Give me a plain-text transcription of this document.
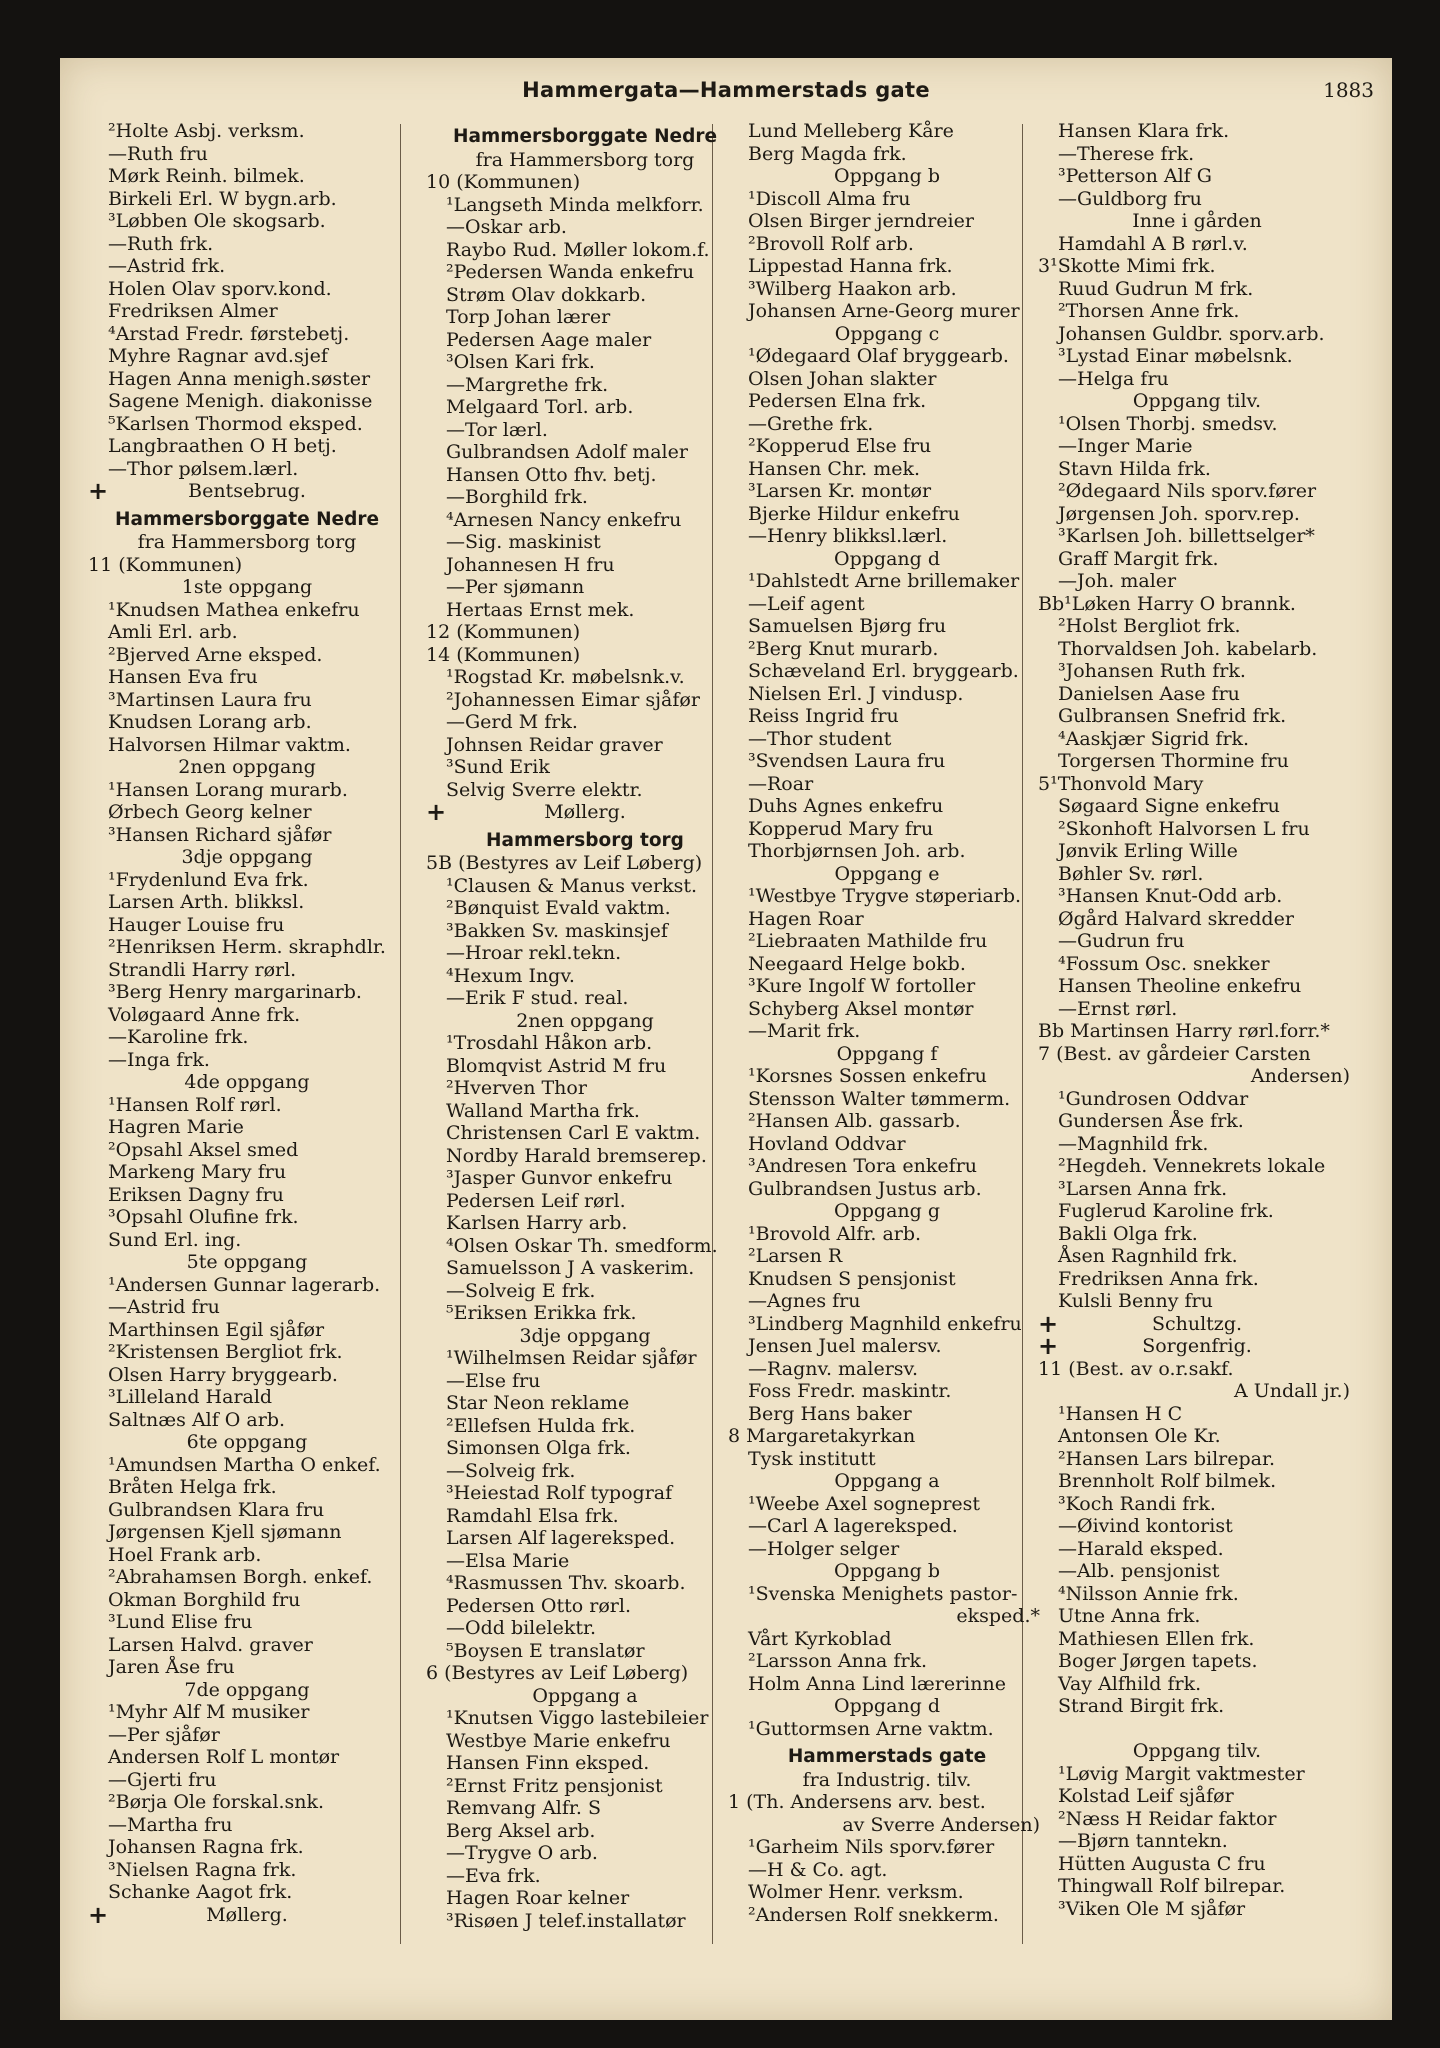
Hammergata—Hammerstads gate	1883
²Holte Asbj. verksm.
—Ruth fru
Mørk Reinh. bilmek.
Birkeli Erl. W bygn.arb.
³Løbben Ole skogsarb.
—Ruth frk.
—Astrid frk.
Holen Olav sporv.kond.
Fredriksen Almer
⁴Arstad Fredr. førstebetj.
Myhre Ragnar avd.sjef
Hagen Anna menigh.søster
Sagene Menigh. diakonisse
⁵Karlsen Thormod eksped.
Langbraathen O H betj.
—Thor pølsem.lærl.
+	Bentsebrug.
Hammersborggate Nedre
fra Hammersborg torg
11 (Kommunen)
1ste oppgang
¹Knudsen Mathea enkefru
Amli Erl. arb.
²Bjerved Arne eksped.
Hansen Eva fru
³Martinsen Laura fru
Knudsen Lorang arb.
Halvorsen Hilmar vaktm.
2nen oppgang
¹Hansen Lorang murarb.
Ørbech Georg kelner
³Hansen Richard sjåfør
3dje oppgang
¹Frydenlund Eva frk.
Larsen Arth. blikksl.
Hauger Louise fru
²Henriksen Herm. skraphdlr.
Strandli Harry rørl.
³Berg Henry margarinarb.
Voløgaard Anne frk.
—Karoline frk.
—Inga frk.
4de oppgang
¹Hansen Rolf rørl.
Hagren Marie
²Opsahl Aksel smed
Markeng Mary fru
Eriksen Dagny fru
³Opsahl Olufine frk.
Sund Erl. ing.
5te oppgang
¹Andersen Gunnar lagerarb.
—Astrid fru
Marthinsen Egil sjåfør
²Kristensen Bergliot frk.
Olsen Harry bryggearb.
³Lilleland Harald
Saltnæs Alf O arb.
6te oppgang
¹Amundsen Martha O enkef.
Bråten Helga frk.
Gulbrandsen Klara fru
Jørgensen Kjell sjømann
Hoel Frank arb.
²Abrahamsen Borgh. enkef.
Okman Borghild fru
³Lund Elise fru
Larsen Halvd. graver
Jaren Åse fru
7de oppgang
¹Myhr Alf M musiker
—Per sjåfør
Andersen Rolf L montør
—Gjerti fru
²Børja Ole forskal.snk.
—Martha fru
Johansen Ragna frk.
³Nielsen Ragna frk.
Schanke Aagot frk.
+	Møllerg.
Hammersborggate Nedre
fra Hammersborg torg
10 (Kommunen)
¹Langseth Minda melkforr.
—Oskar arb.
Raybo Rud. Møller lokom.f.
²Pedersen Wanda enkefru
Strøm Olav dokkarb.
Torp Johan lærer
Pedersen Aage maler
³Olsen Kari frk.
—Margrethe frk.
Melgaard Torl. arb.
—Tor lærl.
Gulbrandsen Adolf maler
Hansen Otto fhv. betj.
—Borghild frk.
⁴Arnesen Nancy enkefru
—Sig. maskinist
Johannesen H fru
—Per sjømann
Hertaas Ernst mek.
12 (Kommunen)
14 (Kommunen)
¹Rogstad Kr. møbelsnk.v.
²Johannessen Eimar sjåfør
—Gerd M frk.
Johnsen Reidar graver
³Sund Erik
Selvig Sverre elektr.
+	Møllerg.
Hammersborg torg
5B (Bestyres av Leif Løberg)
¹Clausen & Manus verkst.
²Bønquist Evald vaktm.
³Bakken Sv. maskinsjef
—Hroar rekl.tekn.
⁴Hexum Ingv.
—Erik F stud. real.
2nen oppgang
¹Trosdahl Håkon arb.
Blomqvist Astrid M fru
²Hverven Thor
Walland Martha frk.
Christensen Carl E vaktm.
Nordby Harald bremserep.
³Jasper Gunvor enkefru
Pedersen Leif rørl.
Karlsen Harry arb.
⁴Olsen Oskar Th. smedform.
Samuelsson J A vaskerim.
—Solveig E frk.
⁵Eriksen Erikka frk.
3dje oppgang
¹Wilhelmsen Reidar sjåfør
—Else fru
Star Neon reklame
²Ellefsen Hulda frk.
Simonsen Olga frk.
—Solveig frk.
³Heiestad Rolf typograf
Ramdahl Elsa frk.
Larsen Alf lagereksped.
—Elsa Marie
⁴Rasmussen Thv. skoarb.
Pedersen Otto rørl.
—Odd bilelektr.
⁵Boysen E translatør
6 (Bestyres av Leif Løberg)
Oppgang a
¹Knutsen Viggo lastebileier
Westbye Marie enkefru
Hansen Finn eksped.
²Ernst Fritz pensjonist
Remvang Alfr. S
Berg Aksel arb.
—Trygve O arb.
—Eva frk.
Hagen Roar kelner
³Risøen J telef.installatør
Lund Melleberg Kåre
Berg Magda frk.
Oppgang b
¹Discoll Alma fru
Olsen Birger jerndreier
²Brovoll Rolf arb.
Lippestad Hanna frk.
³Wilberg Haakon arb.
Johansen Arne-Georg murer
Oppgang c
¹Ødegaard Olaf bryggearb.
Olsen Johan slakter
Pedersen Elna frk.
—Grethe frk.
²Kopperud Else fru
Hansen Chr. mek.
³Larsen Kr. montør
Bjerke Hildur enkefru
—Henry blikksl.lærl.
Oppgang d
¹Dahlstedt Arne brillemaker
—Leif agent
Samuelsen Bjørg fru
²Berg Knut murarb.
Schæveland Erl. bryggearb.
Nielsen Erl. J vindusp.
Reiss Ingrid fru
—Thor student
³Svendsen Laura fru
—Roar
Duhs Agnes enkefru
Kopperud Mary fru
Thorbjørnsen Joh. arb.
Oppgang e
¹Westbye Trygve støperiarb.
Hagen Roar
²Liebraaten Mathilde fru
Neegaard Helge bokb.
³Kure Ingolf W fortoller
Schyberg Aksel montør
—Marit frk.
Oppgang f
¹Korsnes Sossen enkefru
Stensson Walter tømmerm.
²Hansen Alb. gassarb.
Hovland Oddvar
³Andresen Tora enkefru
Gulbrandsen Justus arb.
Oppgang g
¹Brovold Alfr. arb.
²Larsen R
Knudsen S pensjonist
—Agnes fru
³Lindberg Magnhild enkefru
Jensen Juel malersv.
—Ragnv. malersv.
Foss Fredr. maskintr.
Berg Hans baker
8 Margaretakyrkan
Tysk institutt
Oppgang a
¹Weebe Axel sogneprest
—Carl A lagereksped.
—Holger selger
Oppgang b
¹Svenska Menighets pastor-
eksped.*
Vårt Kyrkoblad
²Larsson Anna frk.
Holm Anna Lind lærerinne
Oppgang d
¹Guttormsen Arne vaktm.
Hammerstads gate
fra Industrig. tilv.
1 (Th. Andersens arv. best.
av Sverre Andersen)
¹Garheim Nils sporv.fører
—H & Co. agt.
Wolmer Henr. verksm.
²Andersen Rolf snekkerm.
Hansen Klara frk.
—Therese frk.
³Petterson Alf G
—Guldborg fru
Inne i gården
Hamdahl A B rørl.v.
3¹Skotte Mimi frk.
Ruud Gudrun M frk.
²Thorsen Anne frk.
Johansen Guldbr. sporv.arb.
³Lystad Einar møbelsnk.
—Helga fru
Oppgang tilv.
¹Olsen Thorbj. smedsv.
—Inger Marie
Stavn Hilda frk.
²Ødegaard Nils sporv.fører
Jørgensen Joh. sporv.rep.
³Karlsen Joh. billettselger*
Graff Margit frk.
—Joh. maler
Bb¹Løken Harry O brannk.
²Holst Bergliot frk.
Thorvaldsen Joh. kabelarb.
³Johansen Ruth frk.
Danielsen Aase fru
Gulbransen Snefrid frk.
⁴Aaskjær Sigrid frk.
Torgersen Thormine fru
5¹Thonvold Mary
Søgaard Signe enkefru
²Skonhoft Halvorsen L fru
Jønvik Erling Wille
Bøhler Sv. rørl.
³Hansen Knut-Odd arb.
Øgård Halvard skredder
—Gudrun fru
⁴Fossum Osc. snekker
Hansen Theoline enkefru
—Ernst rørl.
Bb Martinsen Harry rørl.forr.*
7 (Best. av gårdeier Carsten
Andersen)
¹Gundrosen Oddvar
Gundersen Åse frk.
—Magnhild frk.
²Hegdeh. Vennekrets lokale
³Larsen Anna frk.
Fuglerud Karoline frk.
Bakli Olga frk.
Åsen Ragnhild frk.
Fredriksen Anna frk.
Kulsli Benny fru
+	Schultzg.
+	Sorgenfrig.
11 (Best. av o.r.sakf.
A Undall jr.)
¹Hansen H C
Antonsen Ole Kr.
²Hansen Lars bilrepar.
Brennholt Rolf bilmek.
³Koch Randi frk.
—Øivind kontorist
—Harald eksped.
—Alb. pensjonist
⁴Nilsson Annie frk.
Utne Anna frk.
Mathiesen Ellen frk.
Boger Jørgen tapets.
Vay Alfhild frk.
Strand Birgit frk.
Oppgang tilv.
¹Løvig Margit vaktmester
Kolstad Leif sjåfør
²Næss H Reidar faktor
—Bjørn tanntekn.
Hütten Augusta C fru
Thingwall Rolf bilrepar.
³Viken Ole M sjåfør
